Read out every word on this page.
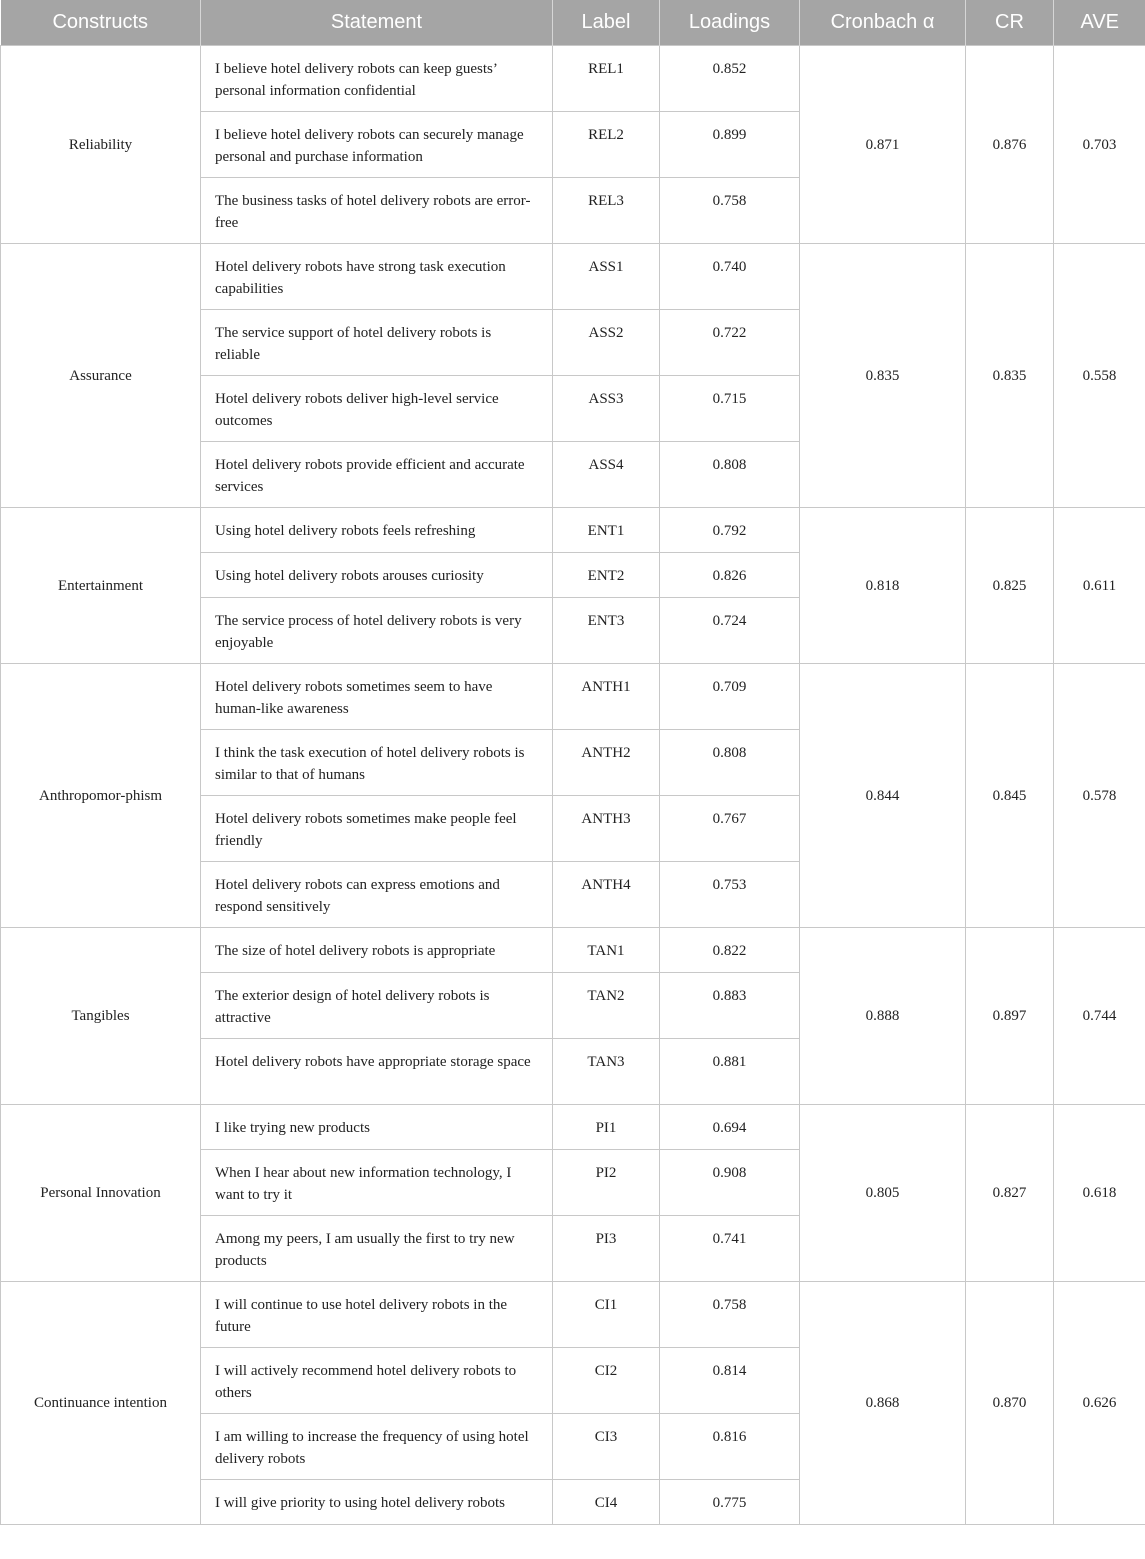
Constructs	Statement	Label	Loadings	Cronbach α	CR	AVE
Reliability	I believe hotel delivery robots can keep guests’ personal information confidential	REL1	0.852	0.871	0.876	0.703
	I believe hotel delivery robots can securely manage personal and purchase information	REL2	0.899			
	The business tasks of hotel delivery robots are error-free	REL3	0.758			
Assurance	Hotel delivery robots have strong task execution capabilities	ASS1	0.740	0.835	0.835	0.558
	The service support of hotel delivery robots is reliable	ASS2	0.722			
	Hotel delivery robots deliver high-level service outcomes	ASS3	0.715			
	Hotel delivery robots provide efficient and accurate services	ASS4	0.808			
Entertainment	Using hotel delivery robots feels refreshing	ENT1	0.792	0.818	0.825	0.611
	Using hotel delivery robots arouses curiosity	ENT2	0.826			
	The service process of hotel delivery robots is very enjoyable	ENT3	0.724			
Anthropomor-phism	Hotel delivery robots sometimes seem to have human-like awareness	ANTH1	0.709	0.844	0.845	0.578
	I think the task execution of hotel delivery robots is similar to that of humans	ANTH2	0.808			
	Hotel delivery robots sometimes make people feel friendly	ANTH3	0.767			
	Hotel delivery robots can express emotions and respond sensitively	ANTH4	0.753			
Tangibles	The size of hotel delivery robots is appropriate	TAN1	0.822	0.888	0.897	0.744
	The exterior design of hotel delivery robots is attractive	TAN2	0.883			
	Hotel delivery robots have appropriate storage space	TAN3	0.881			
Personal Innovation	I like trying new products	PI1	0.694	0.805	0.827	0.618
	When I hear about new information technology, I want to try it	PI2	0.908			
	Among my peers, I am usually the first to try new products	PI3	0.741			
Continuance intention	I will continue to use hotel delivery robots in the future	CI1	0.758	0.868	0.870	0.626
	I will actively recommend hotel delivery robots to others	CI2	0.814			
	I am willing to increase the frequency of using hotel delivery robots	CI3	0.816			
	I will give priority to using hotel delivery robots	CI4	0.775			
